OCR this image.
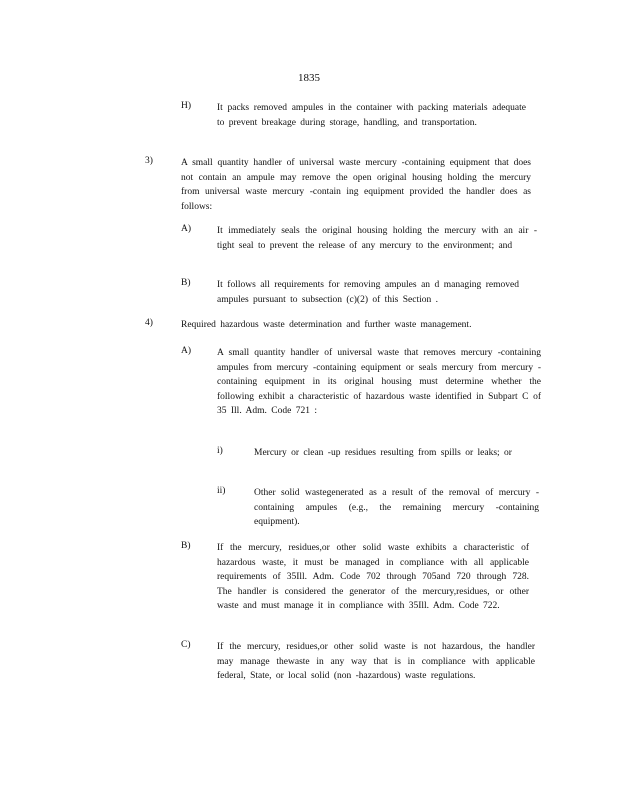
1835
H)	It packs removed ampules in the container with packing materials adequate to prevent breakage during storage, handling, and transportation.
3)	A small quantity handler of universal waste mercury -containing equipment that does not contain an ampule may remove the open original housing holding the mercury from universal waste mercury -contain ing equipment provided the handler does as follows:
A)	It immediately seals the original housing holding the mercury with an air -tight seal to prevent the release of any mercury to the environment; and
B)	It follows all requirements for removing ampules an d managing removed ampules pursuant to subsection (c)(2) of this Section .
4)	Required hazardous waste determination and further waste management.
A)	A small quantity handler of universal waste that removes mercury -containing ampules from mercury -containing equipment or seals mercury from mercury -containing equipment in its original housing must determine whether the following exhibit a characteristic of hazardous waste identified in Subpart C of 35 Ill. Adm. Code 721 :
i)	Mercury or clean -up residues resulting from spills or leaks; or
ii)	Other solid wastegenerated as a result of the removal of mercury -containing ampules (e.g., the remaining mercury -containing equipment).
B)	If the mercury, residues,or other solid waste exhibits a characteristic of hazardous waste, it must be managed in compliance with all applicable requirements of 35Ill. Adm. Code 702 through 705and 720 through 728. The handler is considered the generator of the mercury,residues, or other waste and must manage it in compliance with 35Ill. Adm. Code 722.
C)	If the mercury, residues,or other solid waste is not hazardous, the handler may manage thewaste in any way that is in compliance with applicable federal, State, or local solid (non -hazardous) waste regulations.
